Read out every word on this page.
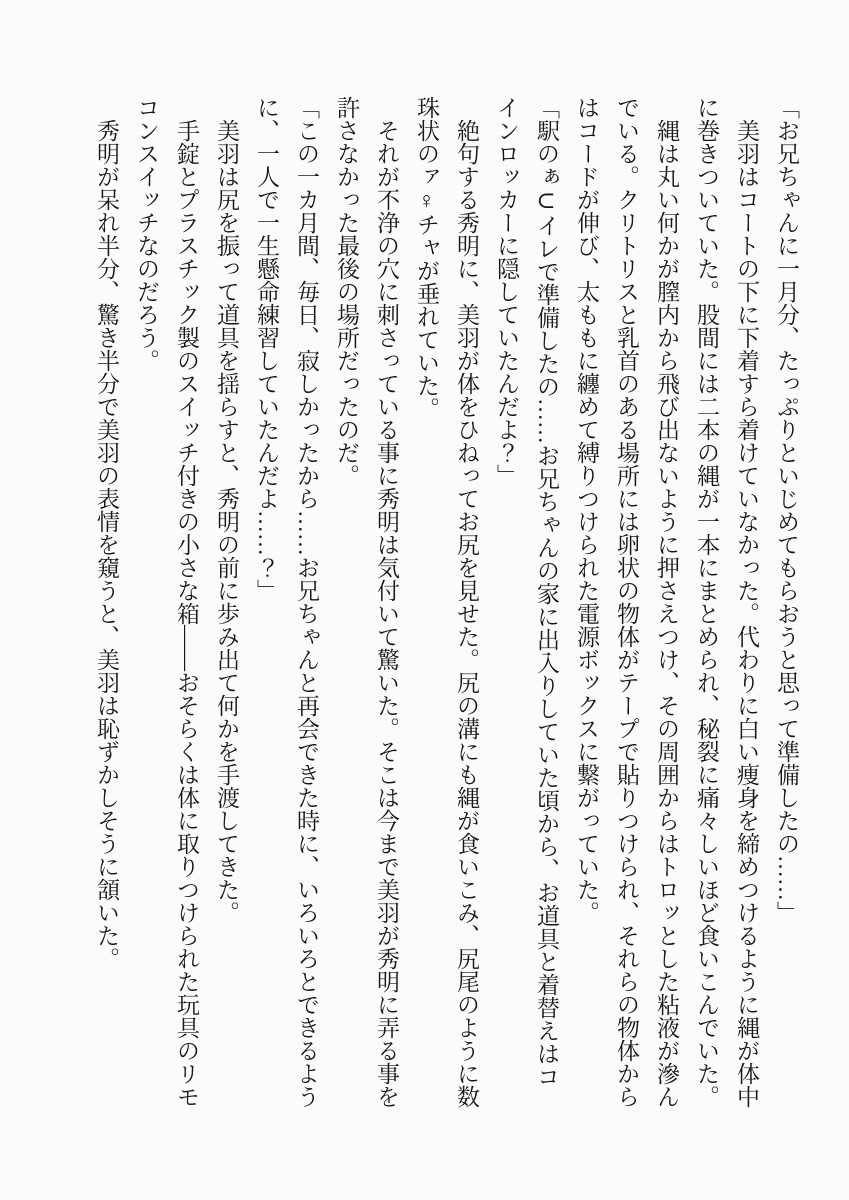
「お兄ちゃんに一月分、たっぷりといじめてもらおうと思って準備したの……」

美羽はコートの下に下着すら着けていなかった。代わりに白い痩身を締めつけるように縄が体中に巻きついていた。股間には二本の縄が一本にまとめられ、秘裂に痛々しいほど食いこんでいた。

縄は丸い何かが膣内から飛び出ないように押さえつけ、その周囲からはトロッとした粘液が滲んでいる。クリトリスと乳首のある場所には卵状の物体がテープで貼りつけられ、それらの物体からはコードが伸び、太ももに纏めて縛りつけられた電源ボックスに繋がっていた。

「駅のぁ⊂イレで準備したの……お兄ちゃんの家に出入りしていた頃から、お道具と着替えはコインロッカーに隠していたんだよ？」

絶句する秀明に、美羽が体をひねってお尻を見せた。尻の溝にも縄が食いこみ、尻尾のように数珠状のァ♀チャが垂れていた。

それが不浄の穴に刺さっている事に秀明は気付いて驚いた。そこは今まで美羽が秀明に弄る事を許さなかった最後の場所だったのだ。

「この一カ月間、毎日、寂しかったから……お兄ちゃんと再会できた時に、いろいろとできるように、一人で一生懸命練習していたんだよ……？」

美羽は尻を振って道具を揺らすと、秀明の前に歩み出て何かを手渡してきた。

手錠とプラスチック製のスイッチ付きの小さな箱——おそらくは体に取りつけられた玩具のリモコンスイッチなのだろう。

秀明が呆れ半分、驚き半分で美羽の表情を窺うと、美羽は恥ずかしそうに頷いた。
